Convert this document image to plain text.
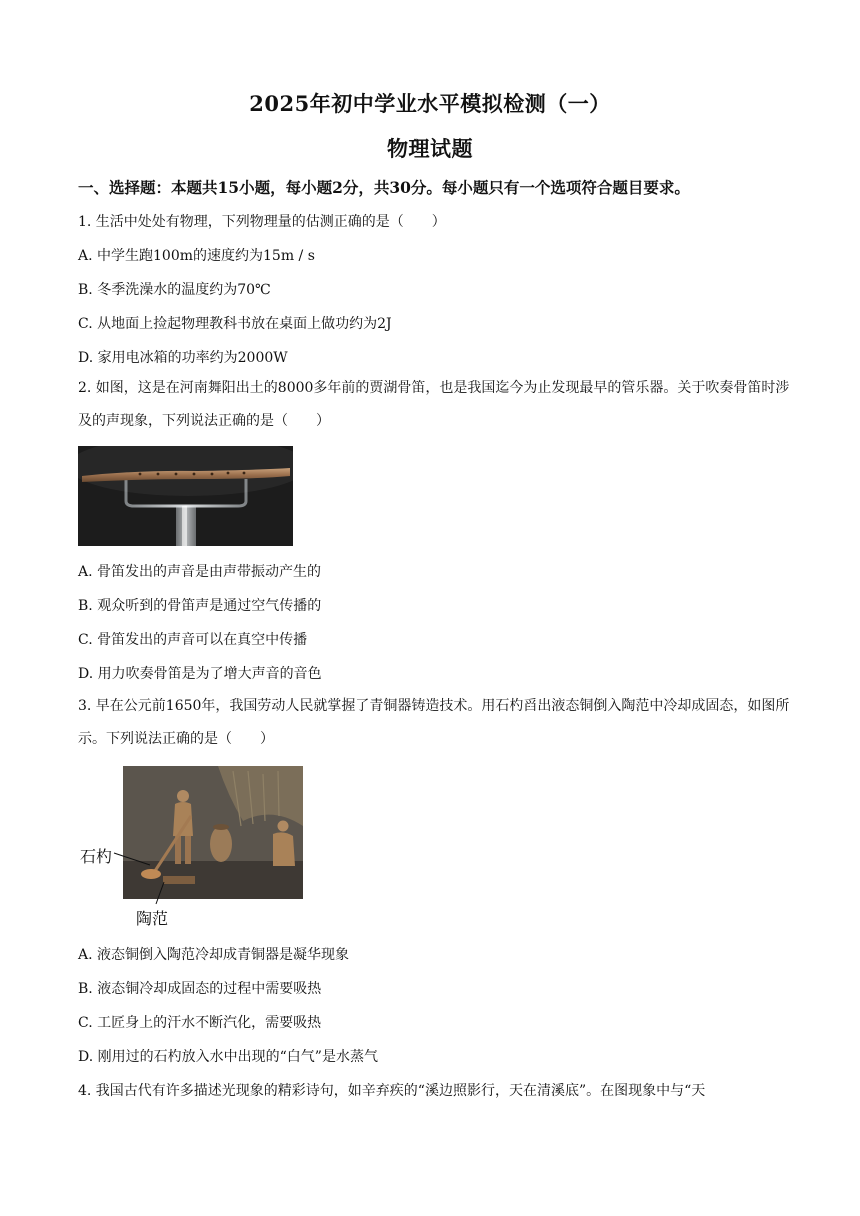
2025年初中学业水平模拟检测（一）
物理试题
一、选择题：本题共15小题，每小题2分，共30分。每小题只有一个选项符合题目要求。
1. 生活中处处有物理，下列物理量的估测正确的是（　　）
A. 中学生跑100m的速度约为15m / s
B. 冬季洗澡水的温度约为70℃
C. 从地面上捡起物理教科书放在桌面上做功约为2J
D. 家用电冰箱的功率约为2000W
2. 如图，这是在河南舞阳出土的8000多年前的贾湖骨笛，也是我国迄今为止发现最早的管乐器。关于吹奏骨笛时涉及的声现象，下列说法正确的是（　　）
A. 骨笛发出的声音是由声带振动产生的
B. 观众听到的骨笛声是通过空气传播的
C. 骨笛发出的声音可以在真空中传播
D. 用力吹奏骨笛是为了增大声音的音色
3. 早在公元前1650年，我国劳动人民就掌握了青铜器铸造技术。用石杓舀出液态铜倒入陶范中冷却成固态，如图所示。下列说法正确的是（　　）
石杓
陶范
A. 液态铜倒入陶范冷却成青铜器是凝华现象
B. 液态铜冷却成固态的过程中需要吸热
C. 工匠身上的汗水不断汽化，需要吸热
D. 刚用过的石杓放入水中出现的“白气”是水蒸气
4. 我国古代有许多描述光现象的精彩诗句，如辛弃疾的“溪边照影行，天在清溪底”。在图现象中与“天
